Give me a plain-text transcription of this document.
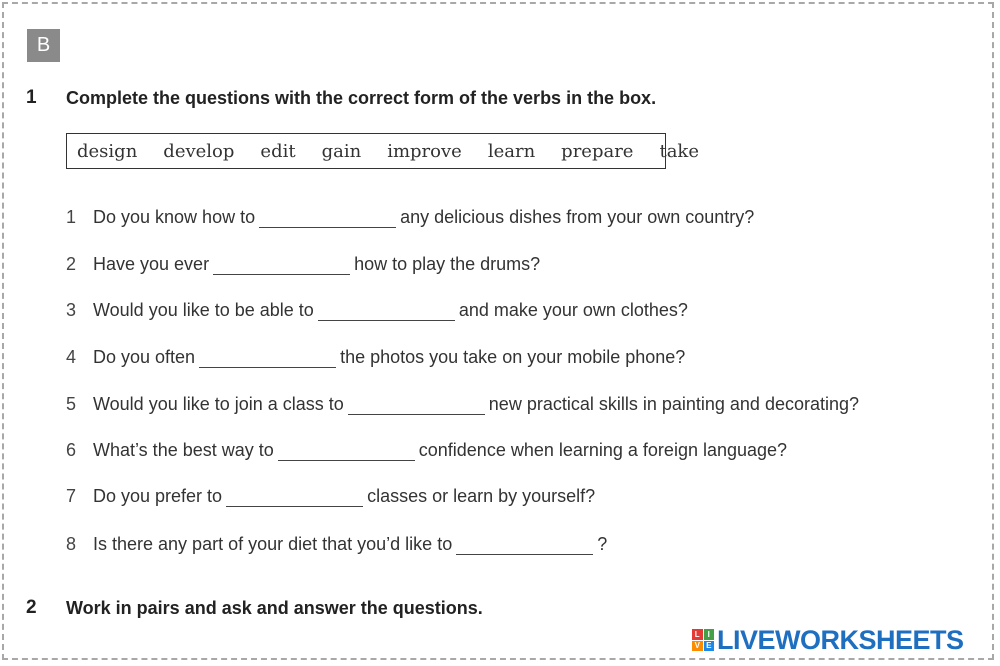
B
1 Complete the questions with the correct form of the verbs in the box.
design develop edit gain improve learn prepare take
1 Do you know how to	any delicious dishes from your own country?
2 Have you ever	how to play the drums?
3 Would you like to be able to	and make your own clothes?
4 Do you often	the photos you take on your mobile phone?
5 Would you like to join a class to	new practical skills in painting and decorating?
6 What’s the best way to	confidence when learning a foreign language?
7 Do you prefer to	classes or learn by yourself?
8 Is there any part of your diet that you’d like to	?
2 Work in pairs and ask and answer the questions.
L I
V E LIVEWORKSHEETS
